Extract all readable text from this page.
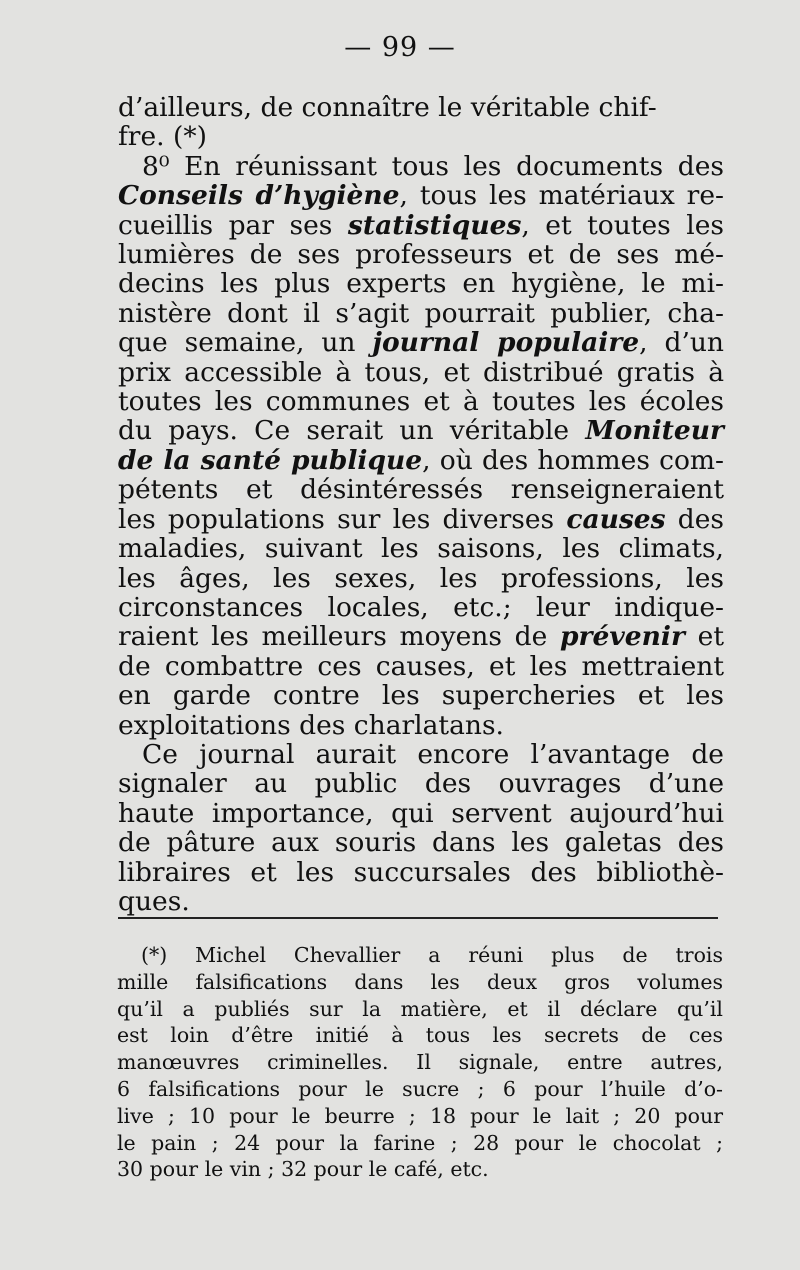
— 99 —
d’ailleurs, de connaître le véritable chif-
fre. (*)
8⁰ En réunissant tous les documents des
Conseils d’hygiène, tous les matériaux re-
cueillis par ses statistiques, et toutes les
lumières de ses professeurs et de ses mé-
decins les plus experts en hygiène, le mi-
nistère dont il s’agit pourrait publier, cha-
que semaine, un journal populaire, d’un
prix accessible à tous, et distribué gratis à
toutes les communes et à toutes les écoles
du pays. Ce serait un véritable Moniteur
de la santé publique, où des hommes com-
pétents et désintéressés renseigneraient
les populations sur les diverses causes des
maladies, suivant les saisons, les climats,
les âges, les sexes, les professions, les
circonstances locales, etc.; leur indique-
raient les meilleurs moyens de prévenir et
de combattre ces causes, et les mettraient
en garde contre les supercheries et les
exploitations des charlatans.
Ce journal aurait encore l’avantage de
signaler au public des ouvrages d’une
haute importance, qui servent aujourd’hui
de pâture aux souris dans les galetas des
libraires et les succursales des bibliothè-
ques.
(*) Michel Chevallier a réuni plus de trois
mille falsifications dans les deux gros volumes
qu’il a publiés sur la matière, et il déclare qu’il
est loin d’être initié à tous les secrets de ces
manœuvres criminelles. Il signale, entre autres,
6 falsifications pour le sucre ; 6 pour l’huile d’o-
live ; 10 pour le beurre ; 18 pour le lait ; 20 pour
le pain ; 24 pour la farine ; 28 pour le chocolat ;
30 pour le vin ; 32 pour le café, etc.
